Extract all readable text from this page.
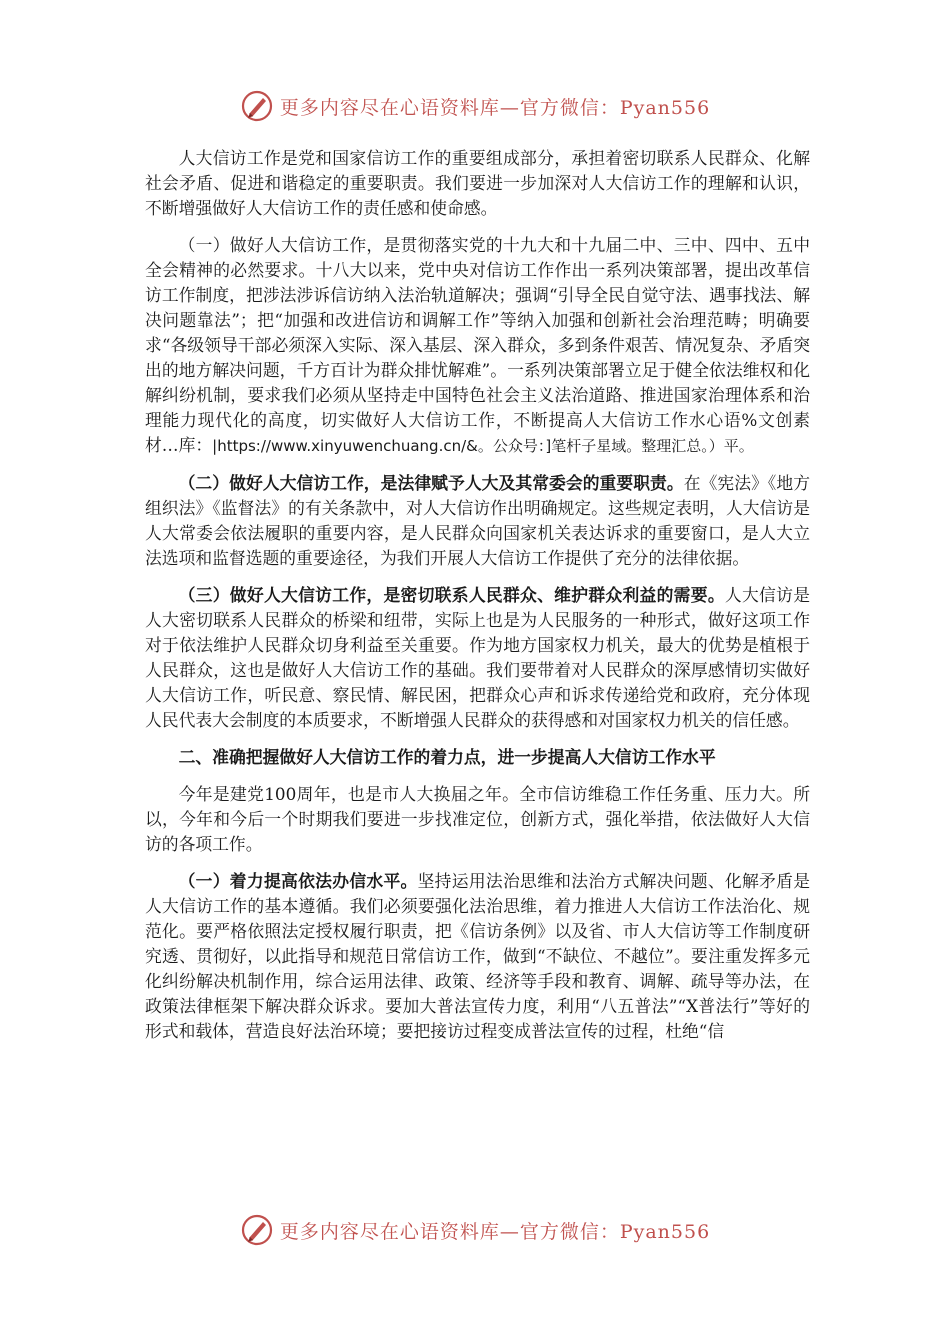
更多内容尽在心语资料库—官方微信：Pyan556

人大信访工作是党和国家信访工作的重要组成部分，承担着密切联系人民群众、化解社会矛盾、促进和谐稳定的重要职责。我们要进一步加深对人大信访工作的理解和认识，不断增强做好人大信访工作的责任感和使命感。

（一）做好人大信访工作，是贯彻落实党的十九大和十九届二中、三中、四中、五中全会精神的必然要求。十八大以来，党中央对信访工作作出一系列决策部署，提出改革信访工作制度，把涉法涉诉信访纳入法治轨道解决；强调“引导全民自觉守法、遇事找法、解决问题靠法”；把“加强和改进信访和调解工作”等纳入加强和创新社会治理范畴；明确要求“各级领导干部必须深入实际、深入基层、深入群众，多到条件艰苦、情况复杂、矛盾突出的地方解决问题，千方百计为群众排忧解难”。一系列决策部署立足于健全依法维权和化解纠纷机制，要求我们必须从坚持走中国特色社会主义法治道路、推进国家治理体系和治理能力现代化的高度，切实做好人大信访工作，不断提高人大信访工作水心语%文创素材…库：|https://www.xinyuwenchuang.cn/&。公众号：]笔杆子星域。整理汇总。）平。

（二）做好人大信访工作，是法律赋予人大及其常委会的重要职责。在《宪法》《地方组织法》《监督法》的有关条款中，对人大信访作出明确规定。这些规定表明，人大信访是人大常委会依法履职的重要内容，是人民群众向国家机关表达诉求的重要窗口，是人大立法选项和监督选题的重要途径，为我们开展人大信访工作提供了充分的法律依据。

（三）做好人大信访工作，是密切联系人民群众、维护群众利益的需要。人大信访是人大密切联系人民群众的桥梁和纽带，实际上也是为人民服务的一种形式，做好这项工作对于依法维护人民群众切身利益至关重要。作为地方国家权力机关，最大的优势是植根于人民群众，这也是做好人大信访工作的基础。我们要带着对人民群众的深厚感情切实做好人大信访工作，听民意、察民情、解民困，把群众心声和诉求传递给党和政府，充分体现人民代表大会制度的本质要求，不断增强人民群众的获得感和对国家权力机关的信任感。

二、准确把握做好人大信访工作的着力点，进一步提高人大信访工作水平

今年是建党100周年，也是市人大换届之年。全市信访维稳工作任务重、压力大。所以，今年和今后一个时期我们要进一步找准定位，创新方式，强化举措，依法做好人大信访的各项工作。

（一）着力提高依法办信水平。坚持运用法治思维和法治方式解决问题、化解矛盾是人大信访工作的基本遵循。我们必须要强化法治思维，着力推进人大信访工作法治化、规范化。要严格依照法定授权履行职责，把《信访条例》以及省、市人大信访等工作制度研究透、贯彻好，以此指导和规范日常信访工作，做到“不缺位、不越位”。要注重发挥多元化纠纷解决机制作用，综合运用法律、政策、经济等手段和教育、调解、疏导等办法，在政策法律框架下解决群众诉求。要加大普法宣传力度，利用“八五普法”“X普法行”等好的形式和载体，营造良好法治环境；要把接访过程变成普法宣传的过程，杜绝“信

更多内容尽在心语资料库—官方微信：Pyan556
